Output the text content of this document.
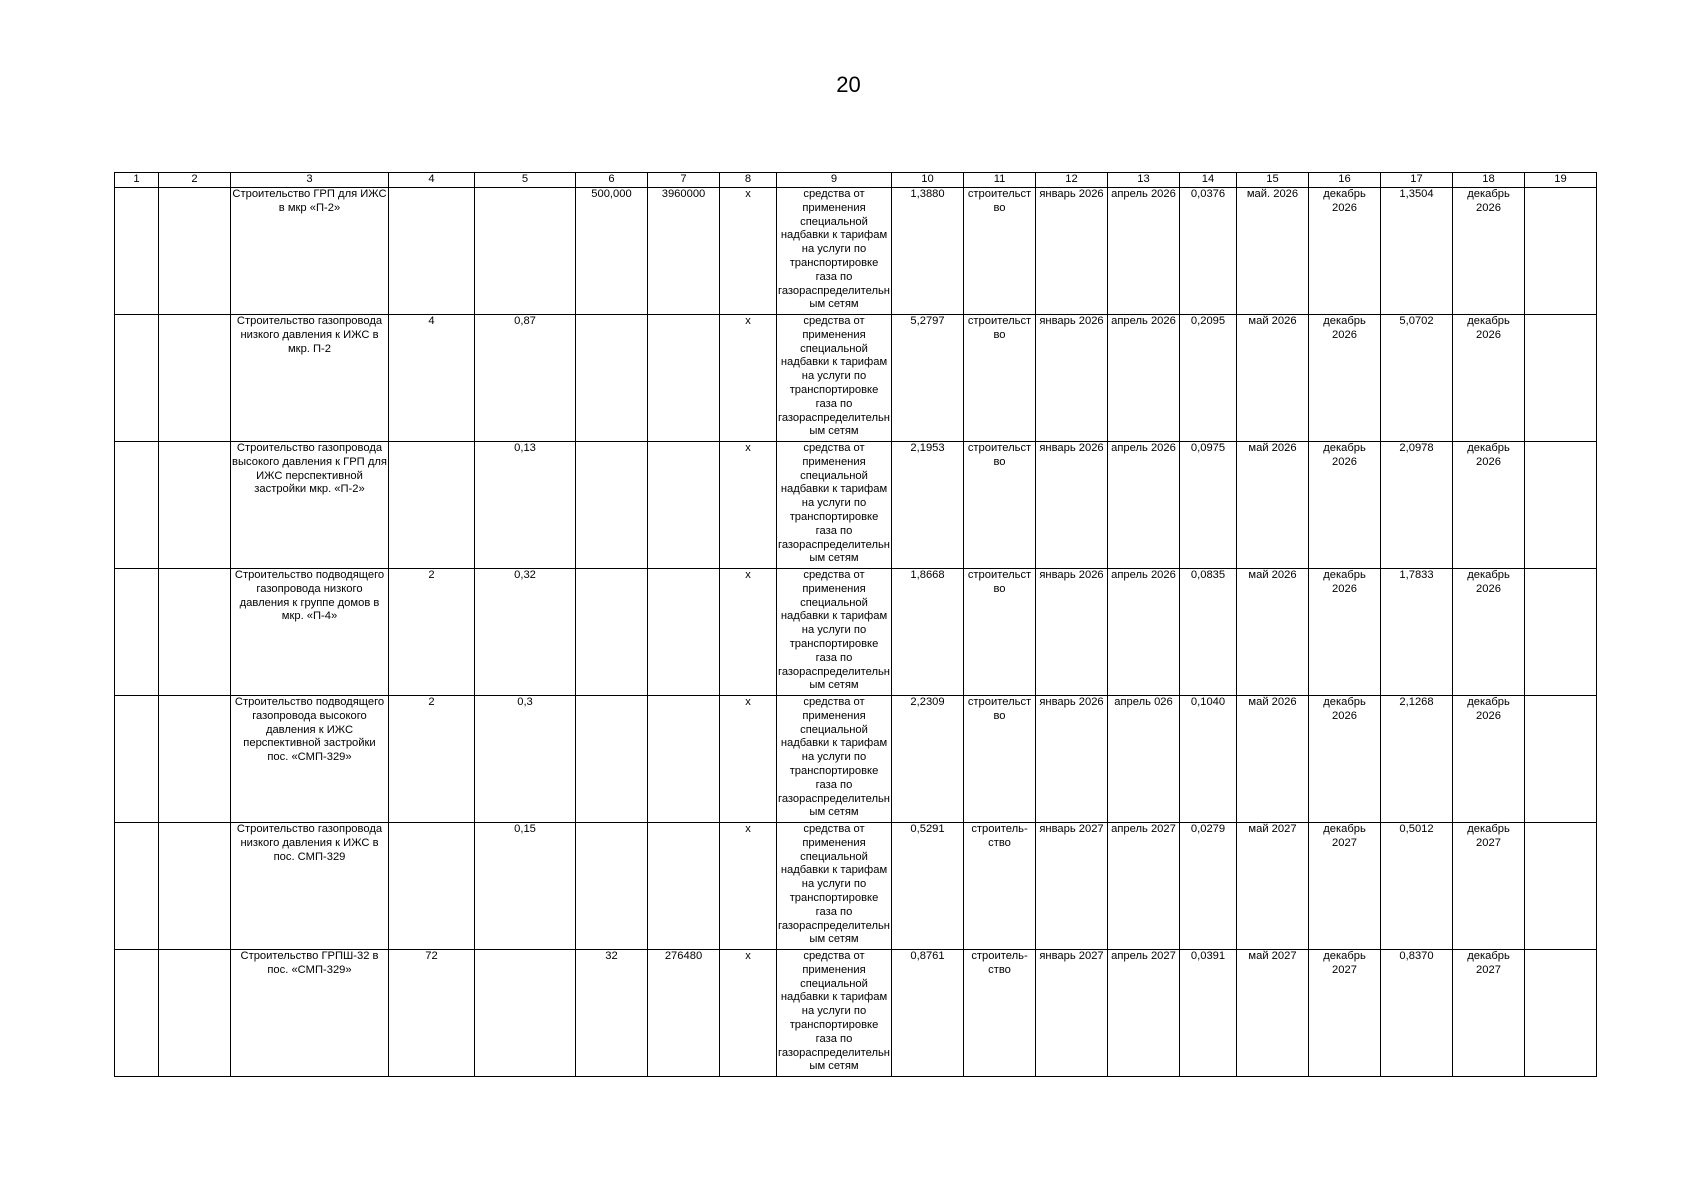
20
1	2	3	4	5	6	7	8	9	10	11	12	13	14	15	16	17	18	19
		Строительство ГРП для ИЖС в мкр «П-2»			500,000	3960000	х	средства от применения специальной надбавки к тарифам на услуги по транспортировке газа по газораспределительным сетям	1,3880	строительство	январь 2026	апрель 2026	0,0376	май. 2026	декабрь 2026	1,3504	декабрь 2026	
		Строительство газопровода низкого давления к ИЖС в мкр. П-2	4	0,87			х	средства от применения специальной надбавки к тарифам на услуги по транспортировке газа по газораспределительным сетям	5,2797	строительство	январь 2026	апрель 2026	0,2095	май 2026	декабрь 2026	5,0702	декабрь 2026	
		Строительство газопровода высокого давления к ГРП для ИЖС перспективной застройки мкр. «П-2»		0,13			х	средства от применения специальной надбавки к тарифам на услуги по транспортировке газа по газораспределительным сетям	2,1953	строительство	январь 2026	апрель 2026	0,0975	май 2026	декабрь 2026	2,0978	декабрь 2026	
		Строительство подводящего газопровода низкого давления к группе домов в мкр. «П-4»	2	0,32			х	средства от применения специальной надбавки к тарифам на услуги по транспортировке газа по газораспределительным сетям	1,8668	строительство	январь 2026	апрель 2026	0,0835	май 2026	декабрь 2026	1,7833	декабрь 2026	
		Строительство подводящего газопровода высокого давления к ИЖС перспективной застройки пос. «СМП-329»	2	0,3			х	средства от применения специальной надбавки к тарифам на услуги по транспортировке газа по газораспределительным сетям	2,2309	строительство	январь 2026	апрель 026	0,1040	май 2026	декабрь 2026	2,1268	декабрь 2026	
		Строительство газопровода низкого давления к ИЖС в пос. СМП-329		0,15			х	средства от применения специальной надбавки к тарифам на услуги по транспортировке газа по газораспределительным сетям	0,5291	строитель-ство	январь 2027	апрель 2027	0,0279	май 2027	декабрь 2027	0,5012	декабрь 2027	
		Строительство ГРПШ-32 в пос. «СМП-329»	72		32	276480	х	средства от применения специальной надбавки к тарифам на услуги по транспортировке газа по газораспределительным сетям	0,8761	строитель-ство	январь 2027	апрель 2027	0,0391	май 2027	декабрь 2027	0,8370	декабрь 2027	
